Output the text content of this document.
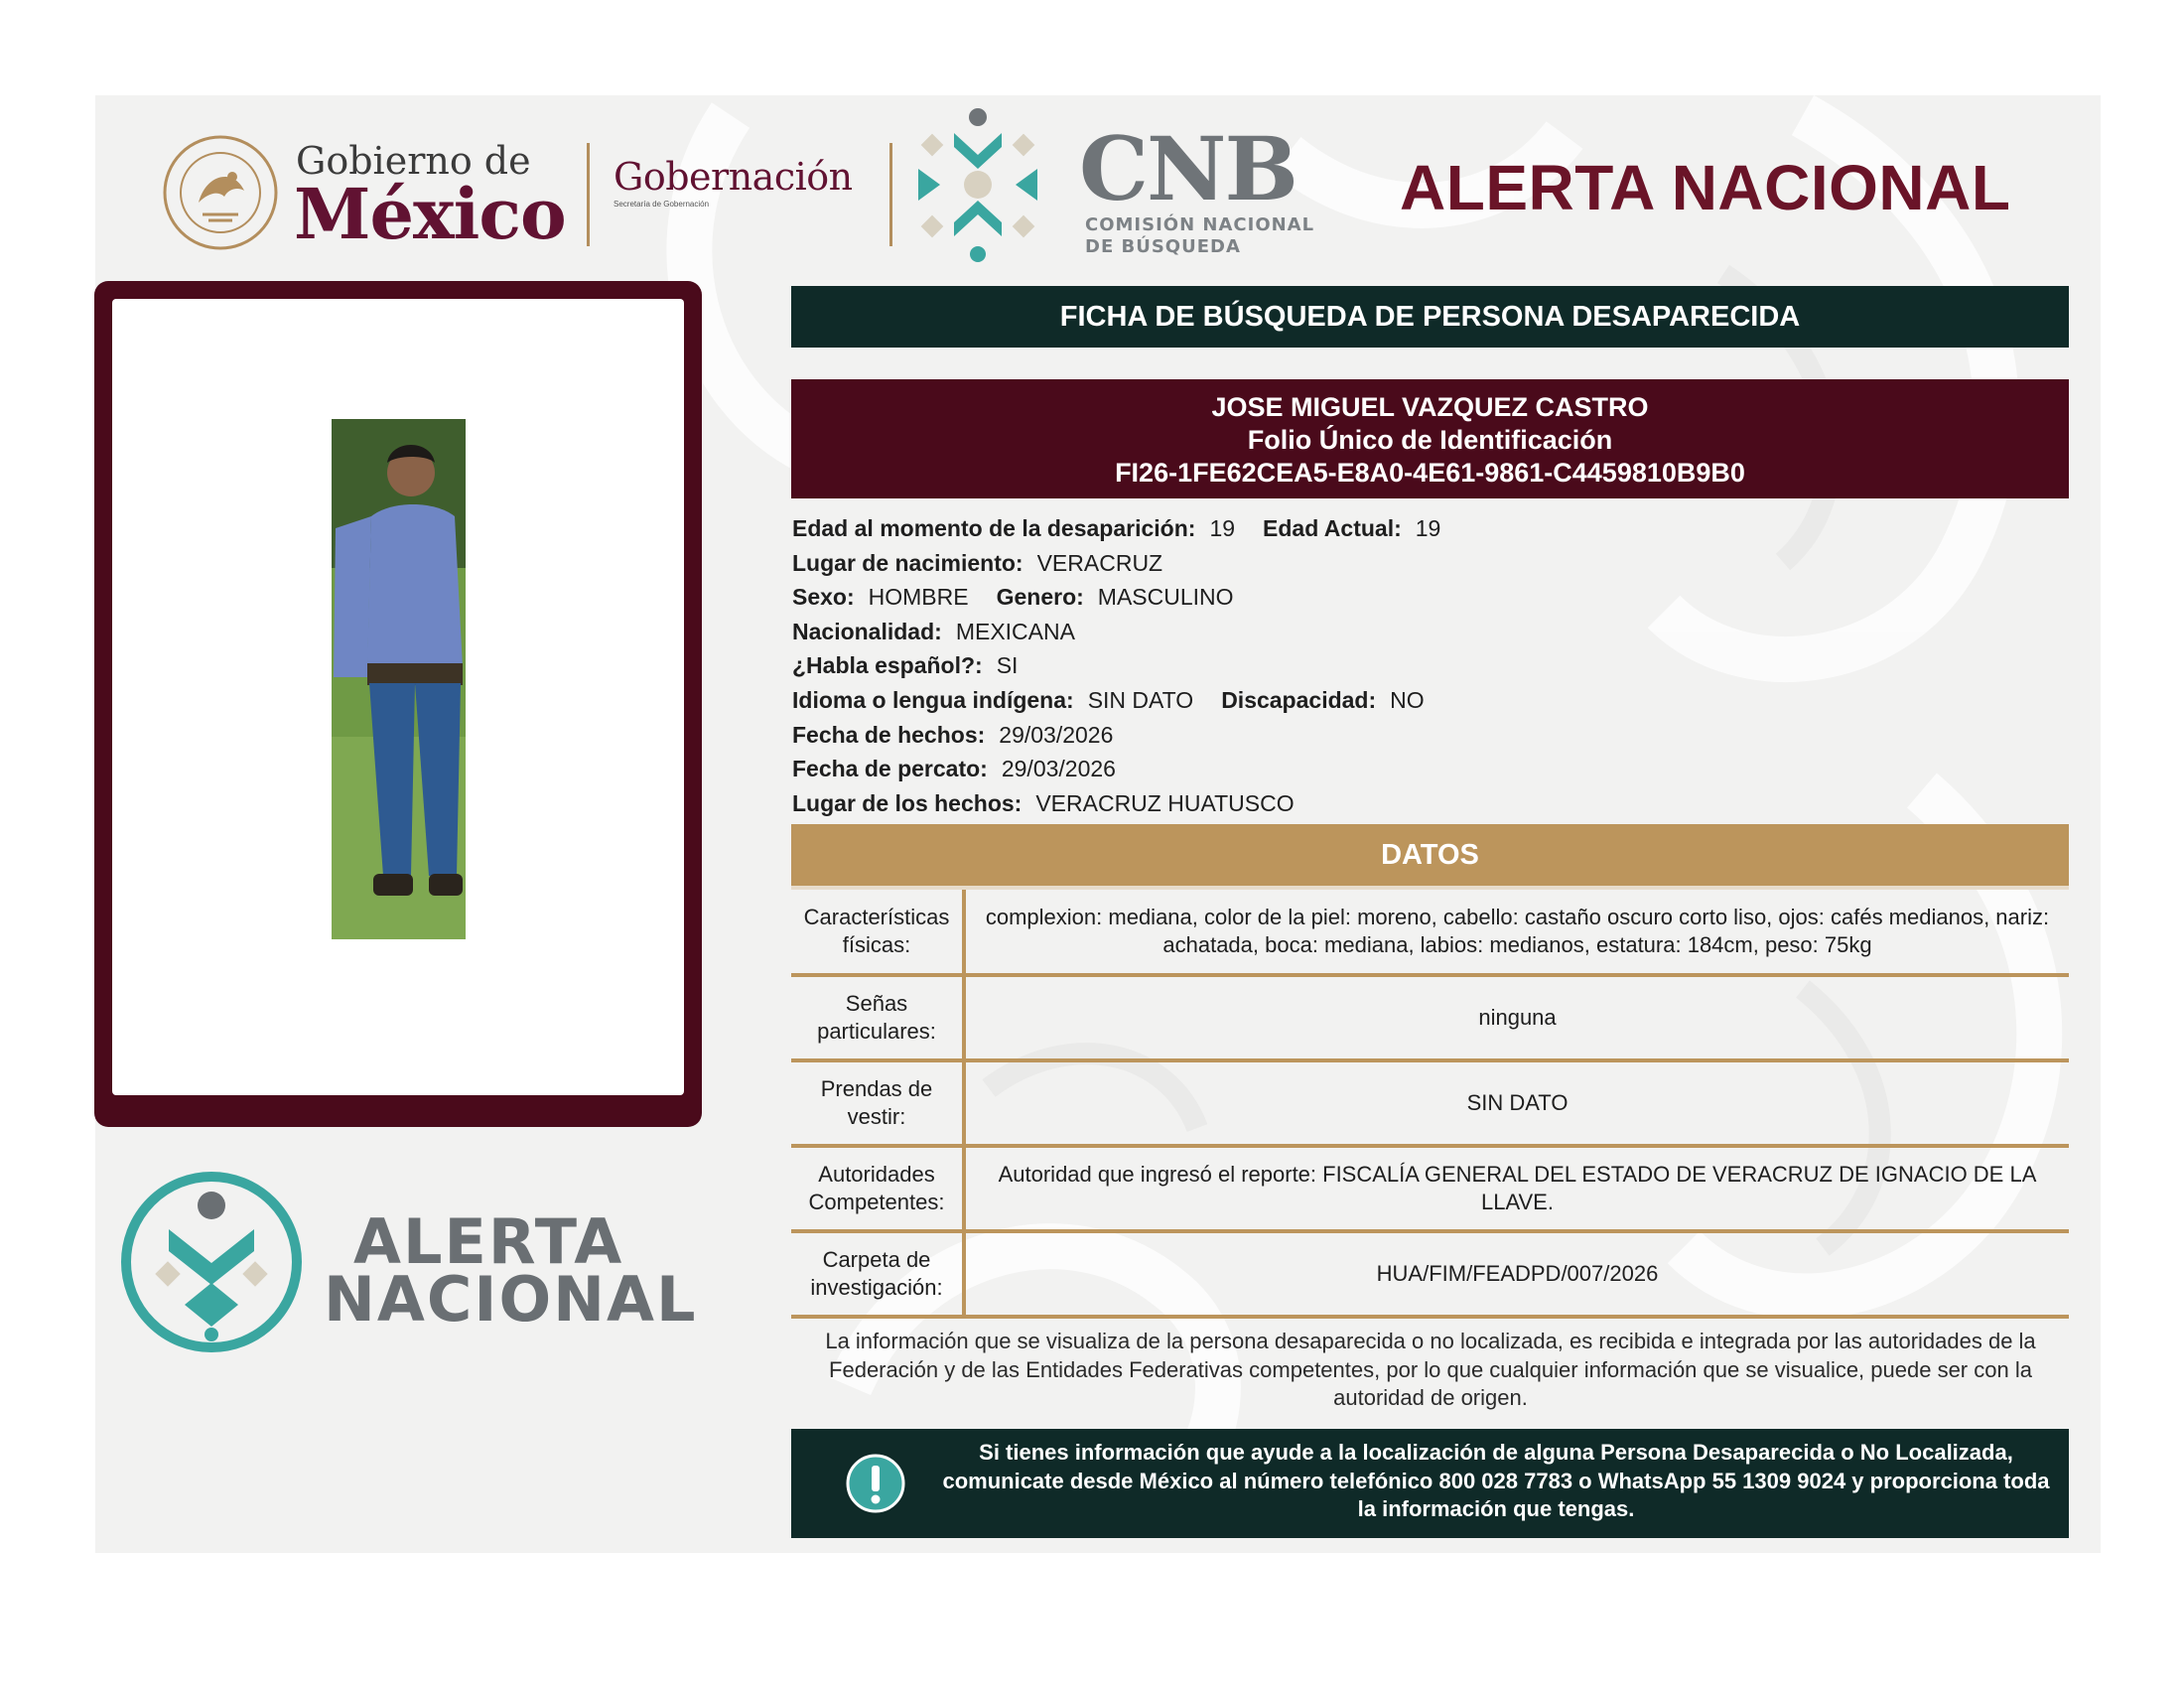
Gobierno de
México Gobernación
Secretaría de Gobernación	CNB
COMISIÓN NACIONAL
DE BÚSQUEDA
ALERTA NACIONAL
ALERTA
NACIONAL
FICHA DE BÚSQUEDA DE PERSONA DESAPARECIDA
JOSE MIGUEL VAZQUEZ CASTRO
Folio Único de Identificación
FI26-1FE62CEA5-E8A0-4E61-9861-C4459810B9B0
Edad al momento de la desaparición: 19 Edad Actual: 19
Lugar de nacimiento: VERACRUZ
Sexo: HOMBRE Genero: MASCULINO
Nacionalidad: MEXICANA
¿Habla español?: SI
Idioma o lengua indígena: SIN DATO Discapacidad: NO
Fecha de hechos: 29/03/2026
Fecha de percato: 29/03/2026
Lugar de los hechos: VERACRUZ HUATUSCO
DATOS
Características
físicas:	complexion: mediana, color de la piel: moreno, cabello: castaño oscuro corto liso, ojos: cafés medianos, nariz: achatada, boca: mediana, labios: medianos, estatura: 184cm, peso: 75kg

Señas
particulares:	ninguna

Prendas de
vestir:	SIN DATO

Autoridades
Competentes:	Autoridad que ingresó el reporte: FISCALÍA GENERAL DEL ESTADO DE VERACRUZ DE IGNACIO DE LA LLAVE.

Carpeta de
investigación:	HUA/FIM/FEADPD/007/2026
La información que se visualiza de la persona desaparecida o no localizada, es recibida e integrada por las autoridades de la Federación y de las Entidades Federativas competentes, por lo que cualquier información que se visualice, puede ser con la autoridad de origen.
Si tienes información que ayude a la localización de alguna Persona Desaparecida o No Localizada, comunicate desde México al número telefónico 800 028 7783 o WhatsApp 55 1309 9024 y proporciona toda la información que tengas.
